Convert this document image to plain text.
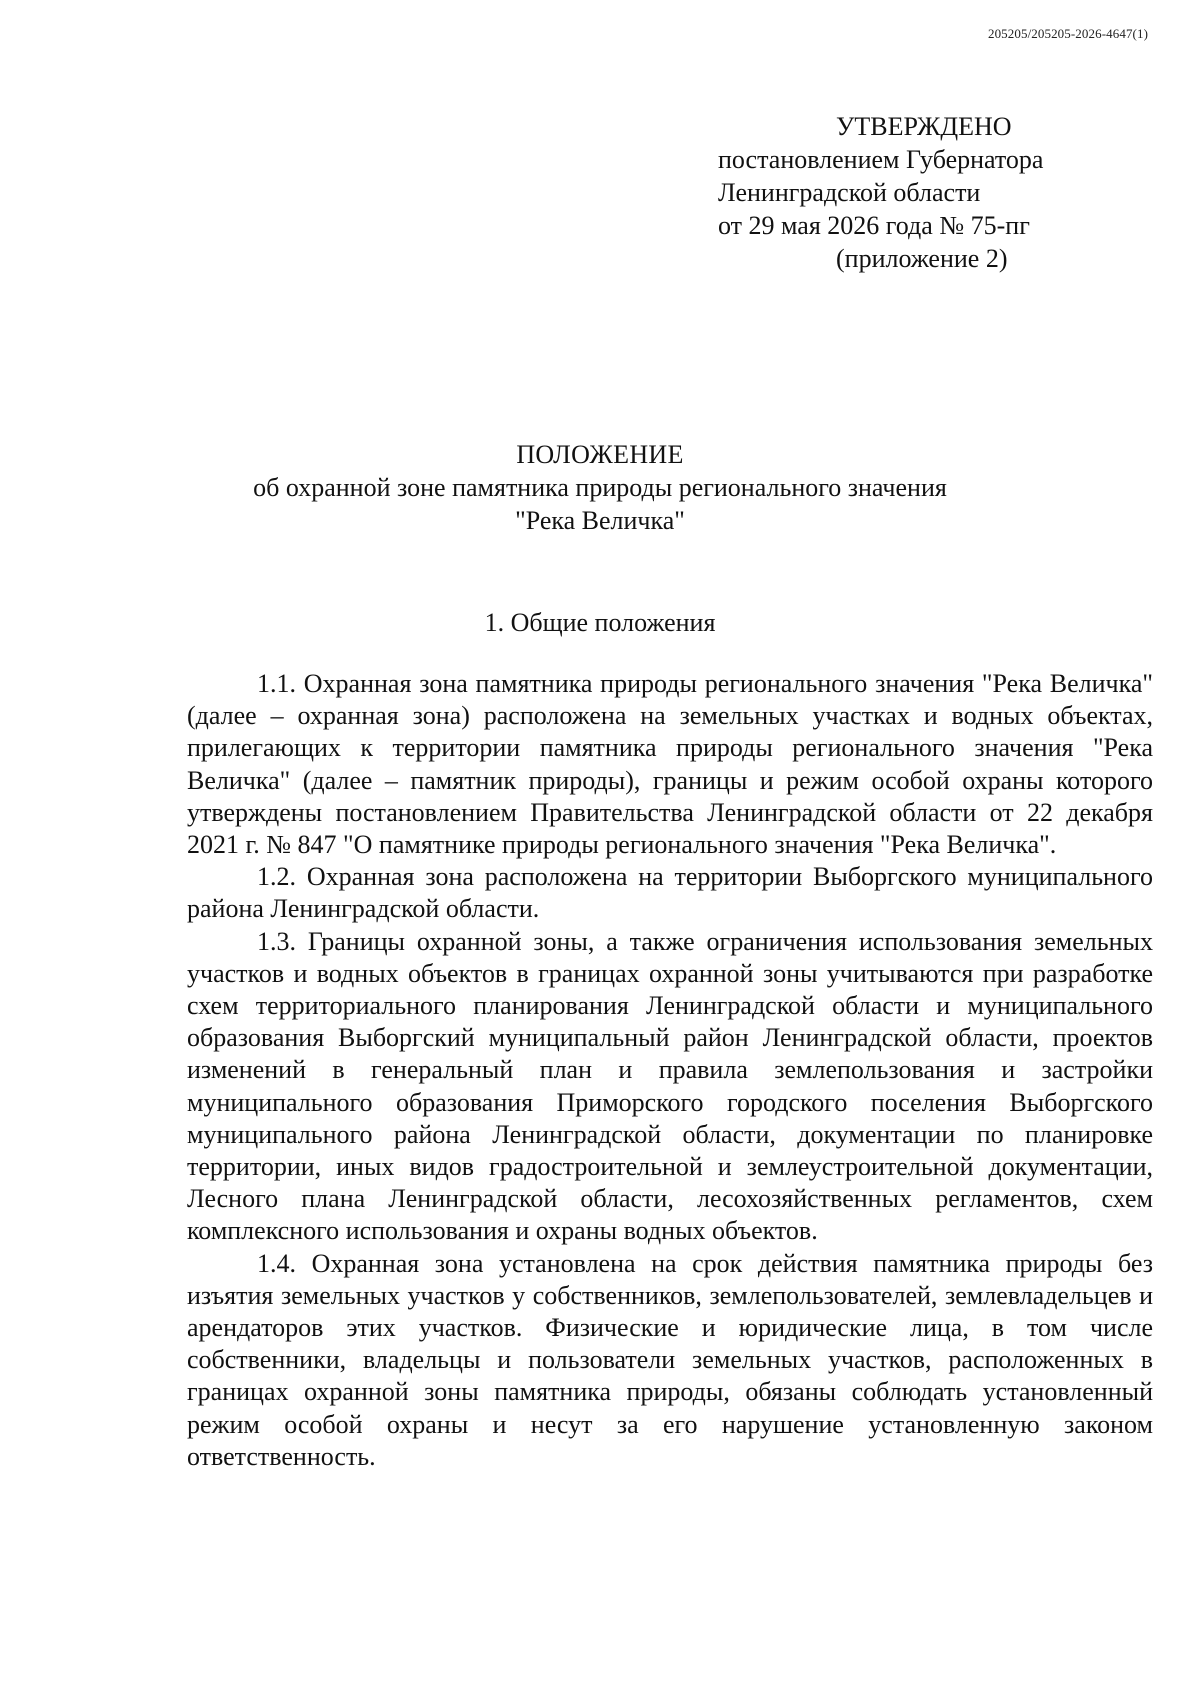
205205/205205-2026-4647(1)
УТВЕРЖДЕНО
постановлением Губернатора
Ленинградской области
от 29 мая 2026 года № 75-пг
(приложение 2)
ПОЛОЖЕНИЕ
об охранной зоне памятника природы регионального значения
"Река Величка"
1. Общие положения

1.1. Охранная зона памятника природы регионального значения "Река Величка" (далее – охранная зона) расположена на земельных участках и водных объектах, прилегающих к территории памятника природы регионального значения "Река Величка" (далее – памятник природы), границы и режим особой охраны которого утверждены постановлением Правительства Ленинградской области от 22 декабря 2021 г. № 847 "О памятнике природы регионального значения "Река Величка".

1.2. Охранная зона расположена на территории Выборгского муниципального района Ленинградской области.

1.3. Границы охранной зоны, а также ограничения использования земельных участков и водных объектов в границах охранной зоны учитываются при разработке схем территориального планирования Ленинградской области и муниципального образования Выборгский муниципальный район Ленинградской области, проектов изменений в генеральный план и правила землепользования и застройки муниципального образования Приморского городского поселения Выборгского муниципального района Ленинградской области, документации по планировке территории, иных видов градостроительной и землеустроительной документации, Лесного плана Ленинградской области, лесохозяйственных регламентов, схем комплексного использования и охраны водных объектов.

1.4. Охранная зона установлена на срок действия памятника природы без изъятия земельных участков у собственников, землепользователей, землевладельцев и арендаторов этих участков. Физические и юридические лица, в том числе собственники, владельцы и пользователи земельных участков, расположенных в границах охранной зоны памятника природы, обязаны соблюдать установленный режим особой охраны и несут за его нарушение установленную законом ответственность.
